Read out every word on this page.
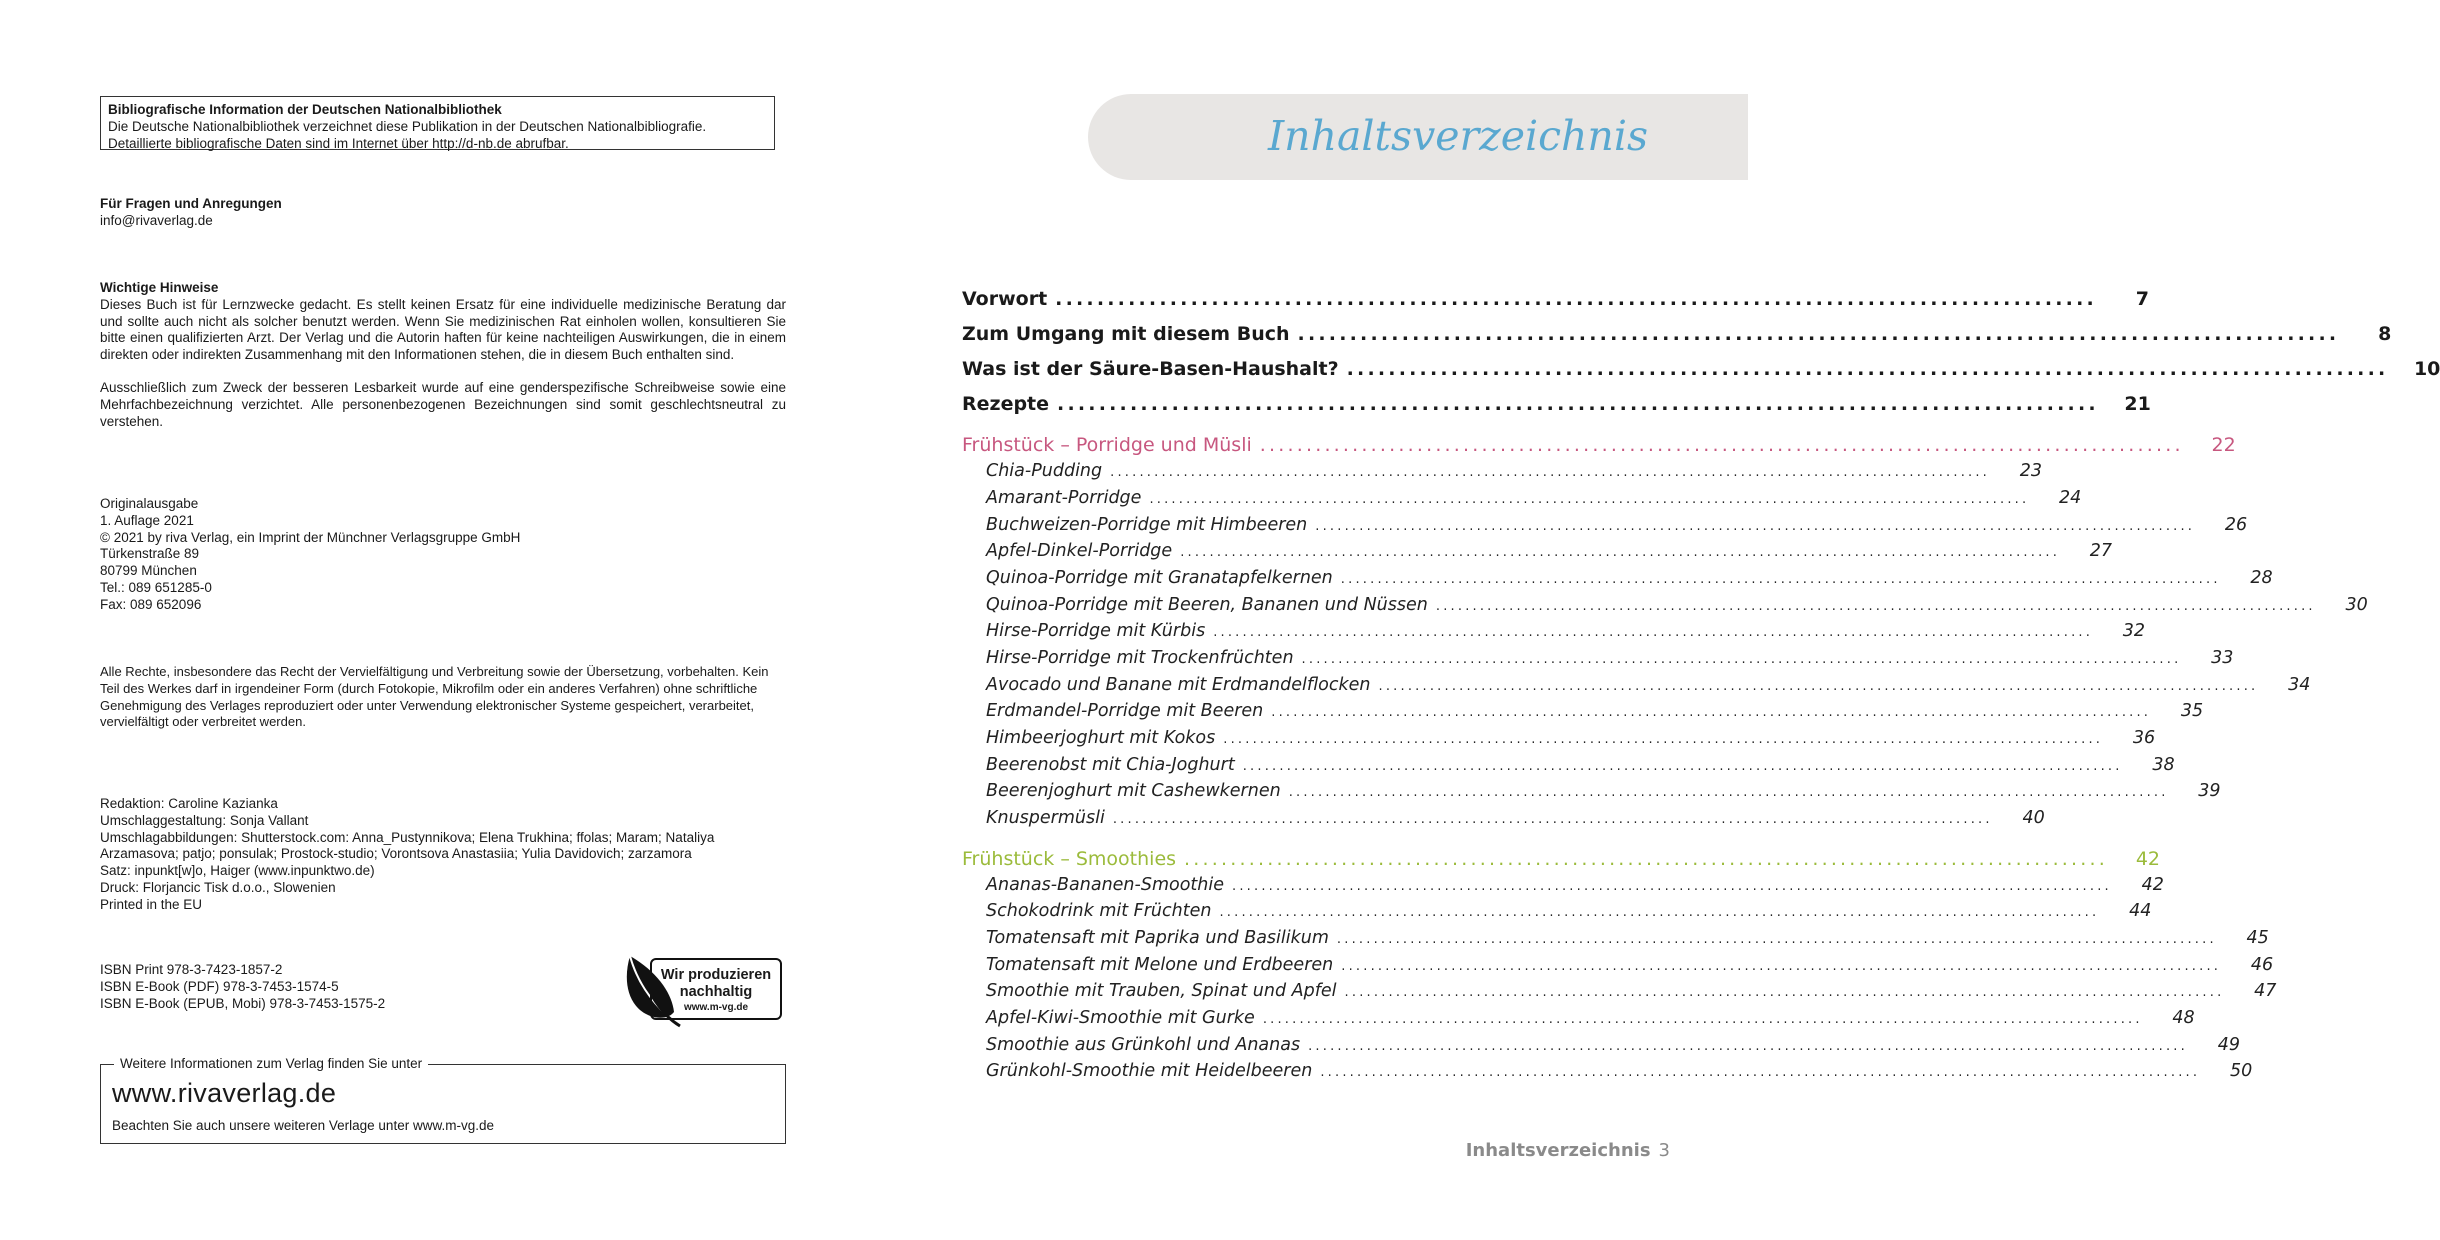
Bibliografische Information der Deutschen Nationalbibliothek
Die Deutsche Nationalbibliothek verzeichnet diese Publikation in der Deutschen Nationalbibliografie.
Detaillierte bibliografische Daten sind im Internet über http://d-nb.de abrufbar.
Für Fragen und Anregungen
info@rivaverlag.de
Wichtige Hinweise
Dieses Buch ist für Lernzwecke gedacht. Es stellt keinen Ersatz für eine individuelle medizinische Beratung dar und sollte auch nicht als solcher benutzt werden. Wenn Sie medizinischen Rat einholen wollen, konsultieren Sie bitte einen qualifizierten Arzt. Der Verlag und die Autorin haften für keine nachteiligen Auswirkungen, die in einem direkten oder indirekten Zusammenhang mit den Informationen stehen, die in diesem Buch enthalten sind.
Ausschließlich zum Zweck der besseren Lesbarkeit wurde auf eine genderspezifische Schreibweise sowie eine Mehrfachbezeichnung verzichtet. Alle personenbezogenen Bezeichnungen sind somit geschlechtsneutral zu verstehen.
Originalausgabe
1. Auflage 2021
© 2021 by riva Verlag, ein Imprint der Münchner Verlagsgruppe GmbH
Türkenstraße 89
80799 München
Tel.: 089 651285-0
Fax: 089 652096
Alle Rechte, insbesondere das Recht der Vervielfältigung und Verbreitung sowie der Übersetzung, vorbehalten. Kein Teil des Werkes darf in irgendeiner Form (durch Fotokopie, Mikrofilm oder ein anderes Verfahren) ohne schriftliche Genehmigung des Verlages reproduziert oder unter Verwendung elektronischer Systeme gespeichert, verarbeitet, vervielfältigt oder verbreitet werden.
Redaktion: Caroline Kazianka
Umschlaggestaltung: Sonja Vallant
Umschlagabbildungen: Shutterstock.com: Anna_Pustynnikova; Elena Trukhina; ffolas; Maram; Nataliya
Arzamasova; patjo; ponsulak; Prostock-studio; Vorontsova Anastasiia; Yulia Davidovich; zarzamora
Satz: inpunkt[w]o, Haiger (www.inpunktwo.de)
Druck: Florjancic Tisk d.o.o., Slowenien
Printed in the EU
ISBN Print 978-3-7423-1857-2
ISBN E-Book (PDF) 978-3-7453-1574-5
ISBN E-Book (EPUB, Mobi) 978-3-7453-1575-2
Wir produzieren
nachhaltig
www.m-vg.de
Weitere Informationen zum Verlag finden Sie unter
www.rivaverlag.de
Beachten Sie auch unsere weiteren Verlage unter www.m-vg.de
Inhaltsverzeichnis
Vorwort ....................................................................................................	7
Zum Umgang mit diesem Buch ....................................................................................................	8
Was ist der Säure-Basen-Haushalt? .................................................................................................... 10
Rezepte .................................................................................................... 21
Frühstück – Porridge und Müsli .................................................................................................... 22
Chia-Pudding ........................................................................................................................	23
Amarant-Porridge ........................................................................................................................	24
Buchweizen-Porridge mit Himbeeren ........................................................................................................................	26
Apfel-Dinkel-Porridge ........................................................................................................................	27
Quinoa-Porridge mit Granatapfelkernen ........................................................................................................................	28
Quinoa-Porridge mit Beeren, Bananen und Nüssen ........................................................................................................................	30
Hirse-Porridge mit Kürbis ........................................................................................................................	32
Hirse-Porridge mit Trockenfrüchten ........................................................................................................................	33
Avocado und Banane mit Erdmandelflocken ........................................................................................................................	34
Erdmandel-Porridge mit Beeren ........................................................................................................................	35
Himbeerjoghurt mit Kokos ........................................................................................................................	36
Beerenobst mit Chia-Joghurt ........................................................................................................................	38
Beerenjoghurt mit Cashewkernen ........................................................................................................................	39
Knuspermüsli ........................................................................................................................	40
Frühstück – Smoothies .................................................................................................... 42
Ananas-Bananen-Smoothie ........................................................................................................................	42
Schokodrink mit Früchten ........................................................................................................................	44
Tomatensaft mit Paprika und Basilikum ........................................................................................................................	45
Tomatensaft mit Melone und Erdbeeren ........................................................................................................................	46
Smoothie mit Trauben, Spinat und Apfel ........................................................................................................................	47
Apfel-Kiwi-Smoothie mit Gurke ........................................................................................................................	48
Smoothie aus Grünkohl und Ananas ........................................................................................................................	49
Grünkohl-Smoothie mit Heidelbeeren ........................................................................................................................	50
Inhaltsverzeichnis 3
